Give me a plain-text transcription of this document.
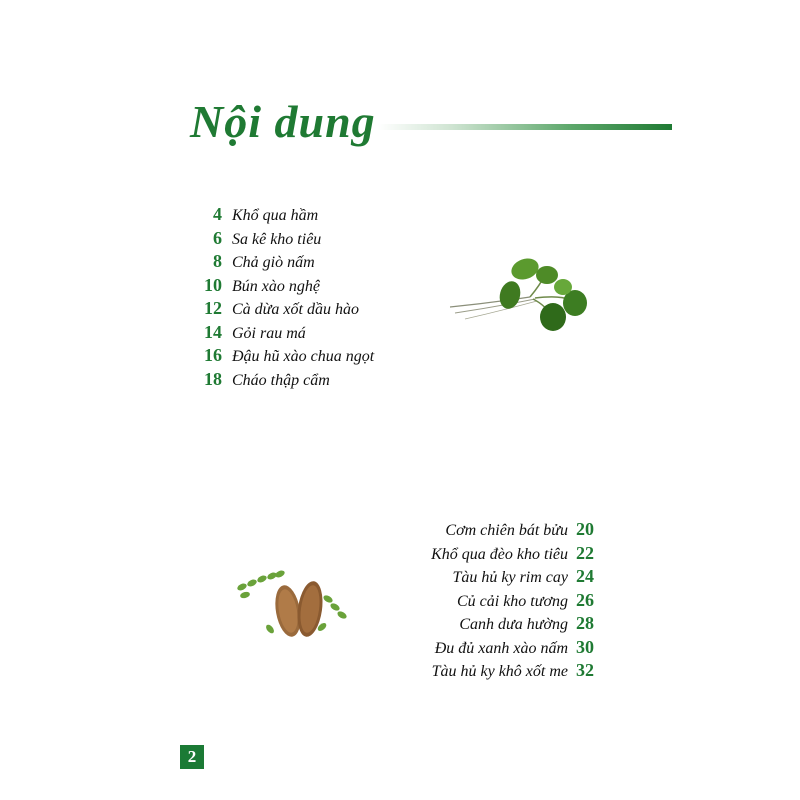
Nội dung
4 Khổ qua hầm
6 Sa kê kho tiêu
8 Chả giò nấm
10 Bún xào nghệ
12 Cà dừa xốt dầu hào
14 Gỏi rau má
16 Đậu hũ xào chua ngọt
18 Cháo thập cẩm
Cơm chiên bát bửu 20
Khổ qua đèo kho tiêu 22
Tàu hủ ky rim cay 24
Củ cải kho tương 26
Canh dưa hường 28
Đu đủ xanh xào nấm 30
Tàu hủ ky khô xốt me 32
2
